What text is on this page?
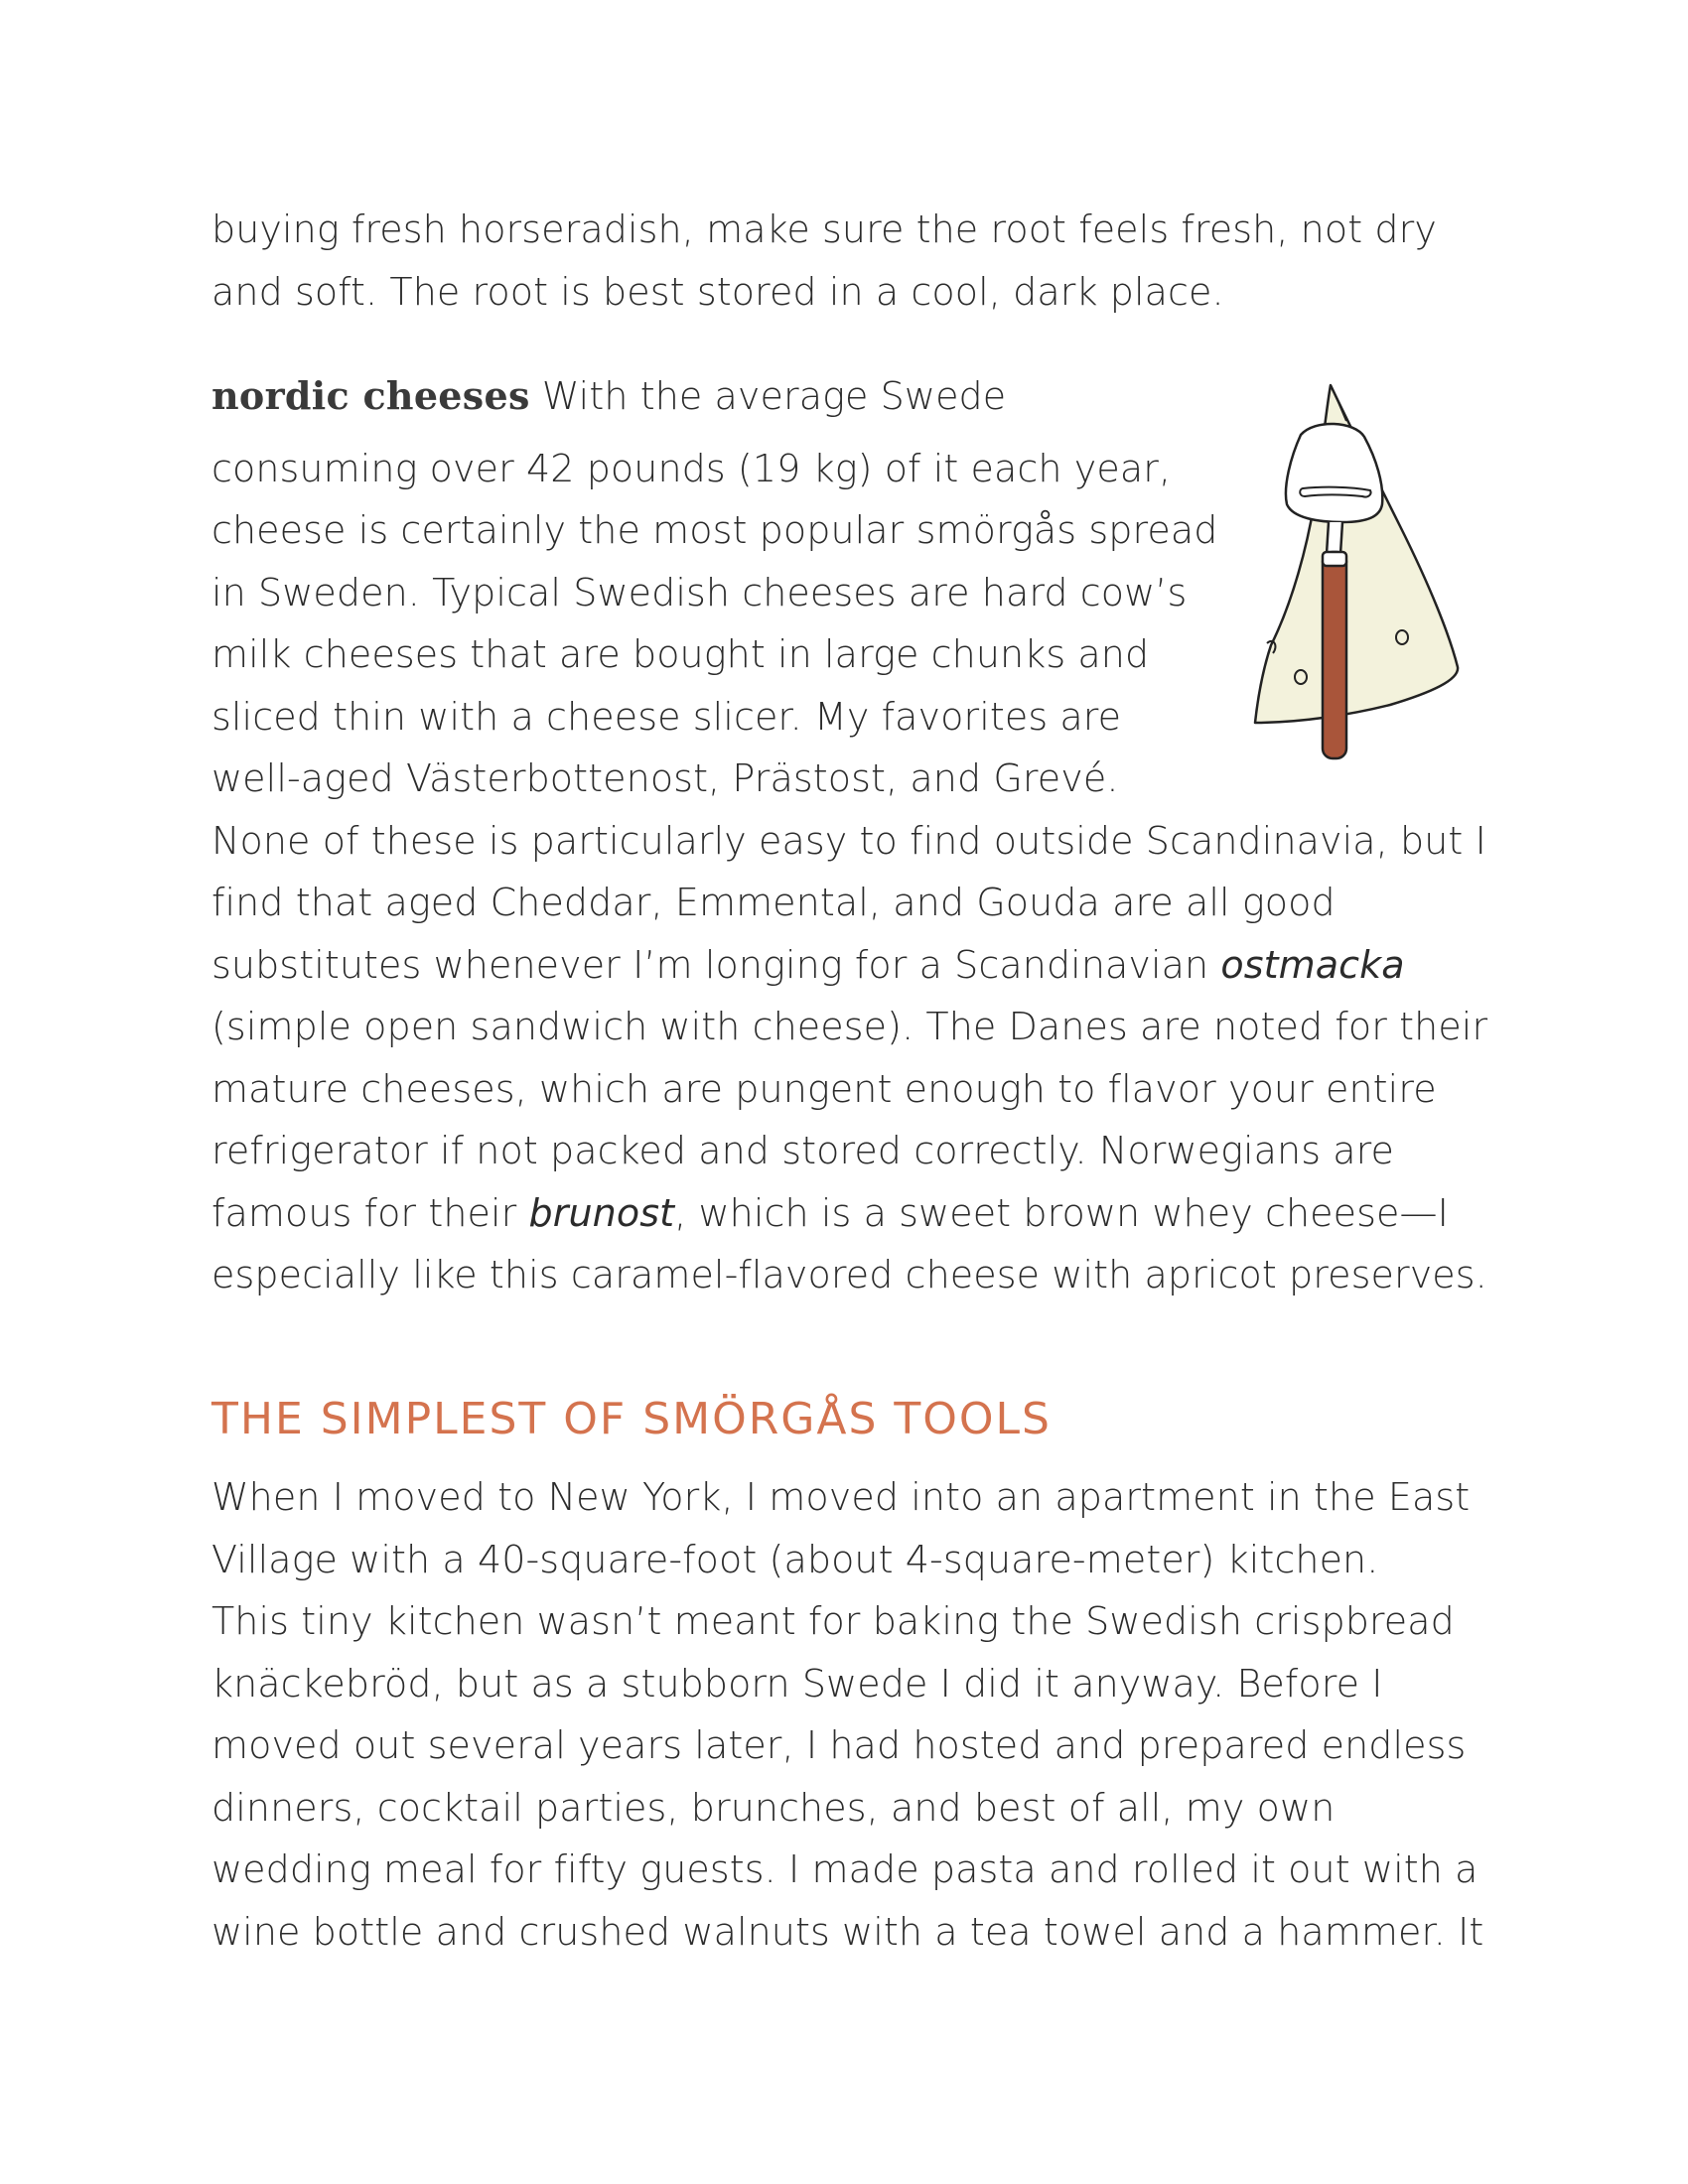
buying fresh horseradish, make sure the root feels fresh, not dry
and soft. The root is best stored in a cool, dark place.
nordic cheeses With the average Swede
consuming over 42 pounds (19 kg) of it each year,
cheese is certainly the most popular smörgås spread
in Sweden. Typical Swedish cheeses are hard cow’s
milk cheeses that are bought in large chunks and
sliced thin with a cheese slicer. My favorites are
well-aged Västerbottenost, Prästost, and Grevé.
None of these is particularly easy to find outside Scandinavia, but I
find that aged Cheddar, Emmental, and Gouda are all good
substitutes whenever I’m longing for a Scandinavian ostmacka
(simple open sandwich with cheese). The Danes are noted for their
mature cheeses, which are pungent enough to flavor your entire
refrigerator if not packed and stored correctly. Norwegians are
famous for their brunost, which is a sweet brown whey cheese—I
especially like this caramel-flavored cheese with apricot preserves.
THE SIMPLEST OF SMÖRGÅS TOOLS
When I moved to New York, I moved into an apartment in the East
Village with a 40-square-foot (about 4-square-meter) kitchen.
This tiny kitchen wasn’t meant for baking the Swedish crispbread
knäckebröd, but as a stubborn Swede I did it anyway. Before I
moved out several years later, I had hosted and prepared endless
dinners, cocktail parties, brunches, and best of all, my own
wedding meal for fifty guests. I made pasta and rolled it out with a
wine bottle and crushed walnuts with a tea towel and a hammer. It
